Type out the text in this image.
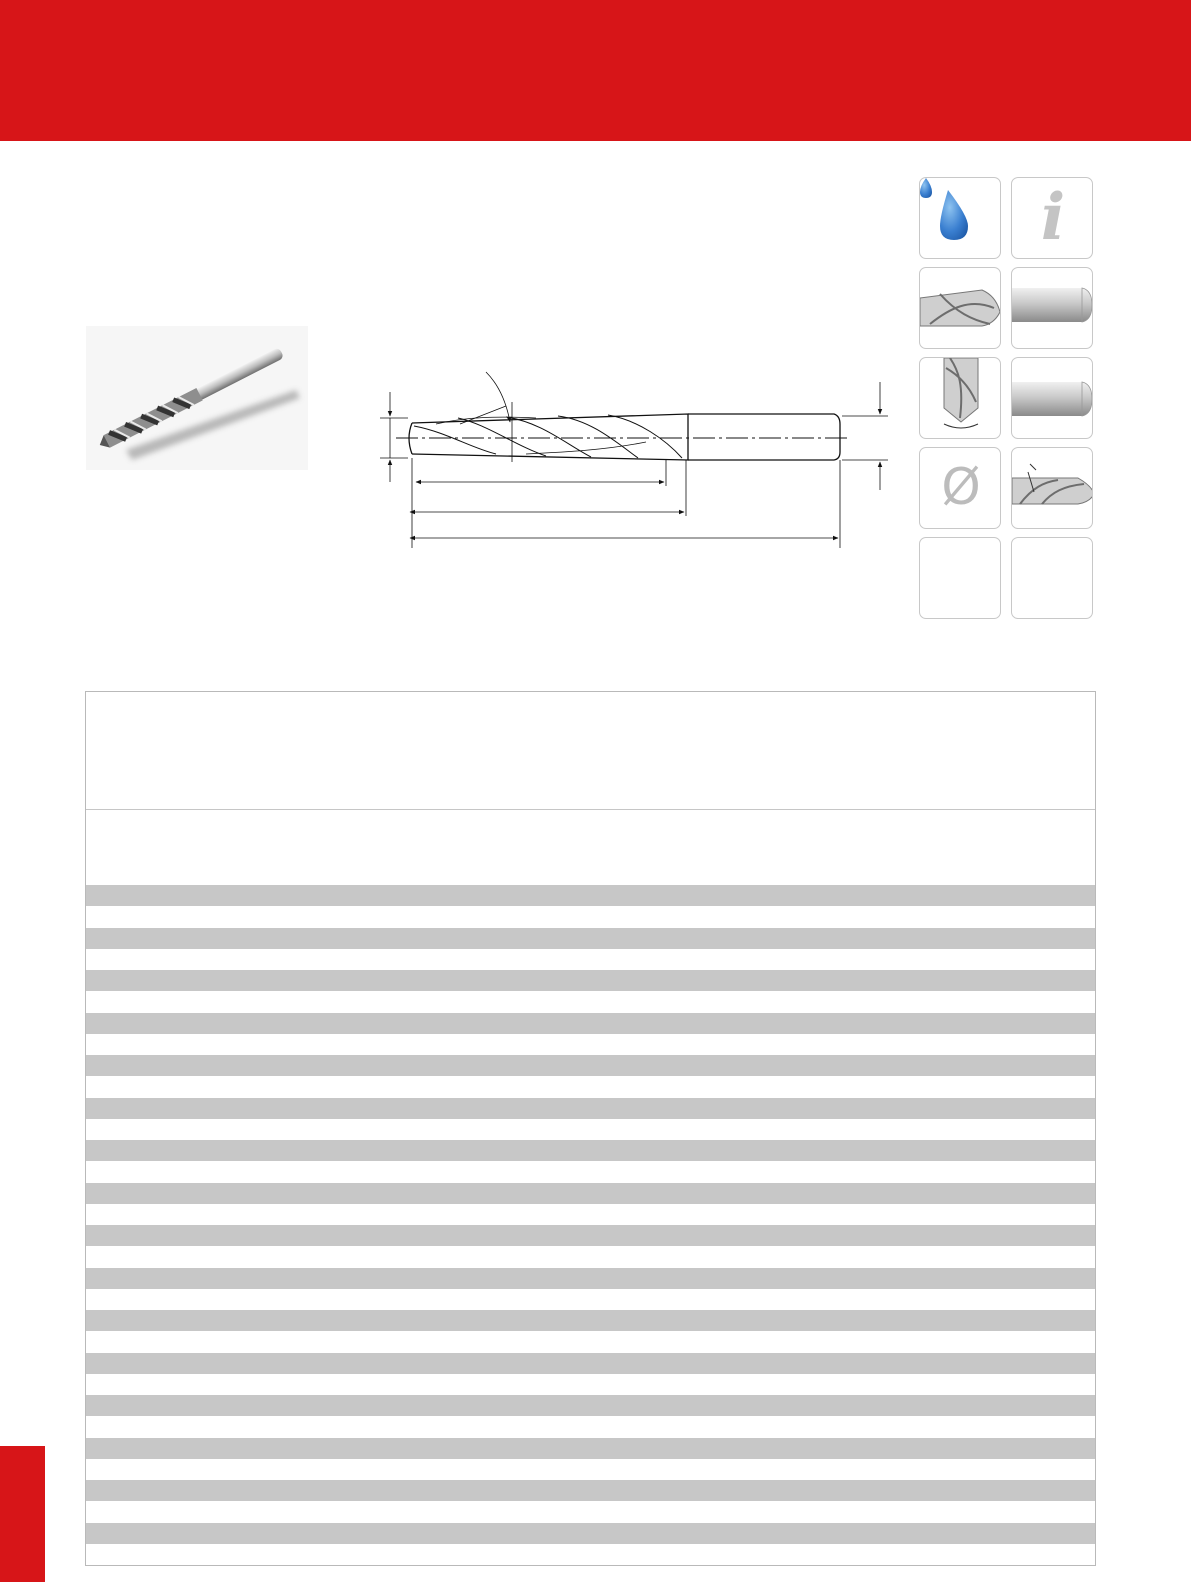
i
Ø
